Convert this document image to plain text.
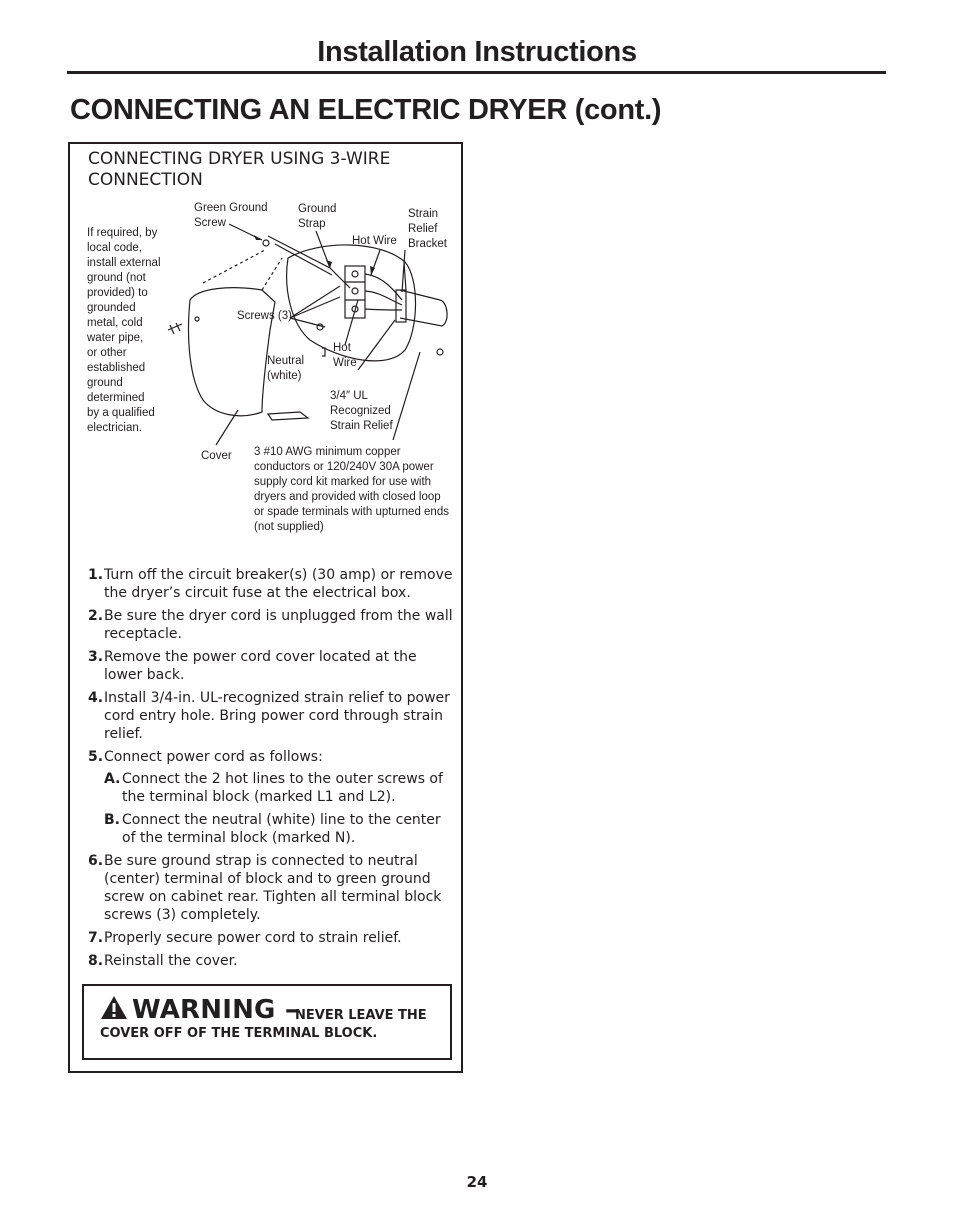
Installation Instructions
CONNECTING AN ELECTRIC DRYER (cont.)
CONNECTING DRYER USING 3-WIRE
CONNECTION
Green Ground
Screw
Ground
Strap
Strain
Relief
Bracket
Hot Wire
Screws (3)
Neutral
(white)
Hot
Wire
3/4″ UL
Recognized
Strain Relief
Cover
If required, by
local code,
install external
ground (not
provided) to
grounded
metal, cold
water pipe,
or other
established
ground
determined
by a qualified
electrician.
3 #10 AWG minimum copper
conductors or 120/240V 30A power
supply cord kit marked for use with
dryers and provided with closed loop
or spade terminals with upturned ends
(not supplied)
1. Turn off the circuit breaker(s) (30 amp) or remove the dryer’s circuit fuse at the electrical box.
2. Be sure the dryer cord is unplugged from the wall receptacle.
3. Remove the power cord cover located at the lower back.
4. Install 3/4-in. UL-recognized strain relief to power cord entry hole. Bring power cord through strain relief.
5. Connect power cord as follows:
A. Connect the 2 hot lines to the outer screws of the terminal block (marked L1 and L2).
B. Connect the neutral (white) line to the center of the terminal block (marked N).
6. Be sure ground strap is connected to neutral (center) terminal of block and to green ground screw on cabinet rear. Tighten all terminal block screws (3) completely.
7. Properly secure power cord to strain relief.
8. Reinstall the cover.
WARNING –
NEVER LEAVE THE
COVER OFF OF THE TERMINAL BLOCK.
24
